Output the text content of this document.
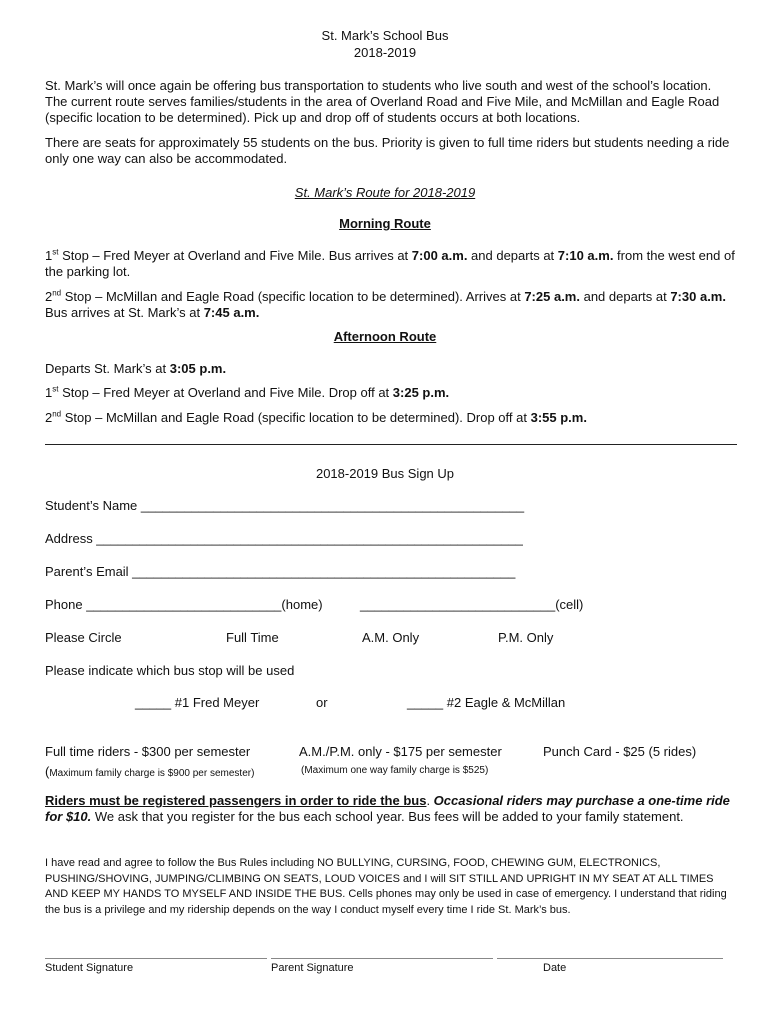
St. Mark’s School Bus
2018-2019
St. Mark’s will once again be offering bus transportation to students who live south and west of the school’s location. The current route serves families/students in the area of Overland Road and Five Mile, and McMillan and Eagle Road (specific location to be determined). Pick up and drop off of students occurs at both locations.
There are seats for approximately 55 students on the bus. Priority is given to full time riders but students needing a ride only one way can also be accommodated.
St. Mark’s Route for 2018-2019
Morning Route
1st Stop – Fred Meyer at Overland and Five Mile. Bus arrives at 7:00 a.m. and departs at 7:10 a.m. from the west end of the parking lot.
2nd Stop – McMillan and Eagle Road (specific location to be determined). Arrives at 7:25 a.m. and departs at 7:30 a.m. Bus arrives at St. Mark’s at 7:45 a.m.
Afternoon Route
Departs St. Mark’s at 3:05 p.m.
1st Stop – Fred Meyer at Overland and Five Mile. Drop off at 3:25 p.m.
2nd Stop – McMillan and Eagle Road (specific location to be determined). Drop off at 3:55 p.m.
2018-2019 Bus Sign Up
Student’s Name _____________________________________________________
Address ___________________________________________________________
Parent’s Email _____________________________________________________
Phone ___________________________(home)	___________________________(cell)
Please Circle	Full Time	A.M. Only	P.M. Only
Please indicate which bus stop will be used
_____ #1 Fred Meyer	or	_____ #2 Eagle & McMillan
Full time riders - $300 per semester
(Maximum family charge is $900 per semester)
A.M./P.M. only - $175 per semester
(Maximum one way family charge is $525)
Punch Card - $25 (5 rides)
Riders must be registered passengers in order to ride the bus. Occasional riders may purchase a one-time ride for $10. We ask that you register for the bus each school year. Bus fees will be added to your family statement.
I have read and agree to follow the Bus Rules including NO BULLYING, CURSING, FOOD, CHEWING GUM, ELECTRONICS, PUSHING/SHOVING, JUMPING/CLIMBING ON SEATS, LOUD VOICES and I will SIT STILL AND UPRIGHT IN MY SEAT AT ALL TIMES AND KEEP MY HANDS TO MYSELF AND INSIDE THE BUS. Cells phones may only be used in case of emergency. I understand that riding the bus is a privilege and my ridership depends on the way I conduct myself every time I ride St. Mark’s bus.
Student Signature	Parent Signature	Date
